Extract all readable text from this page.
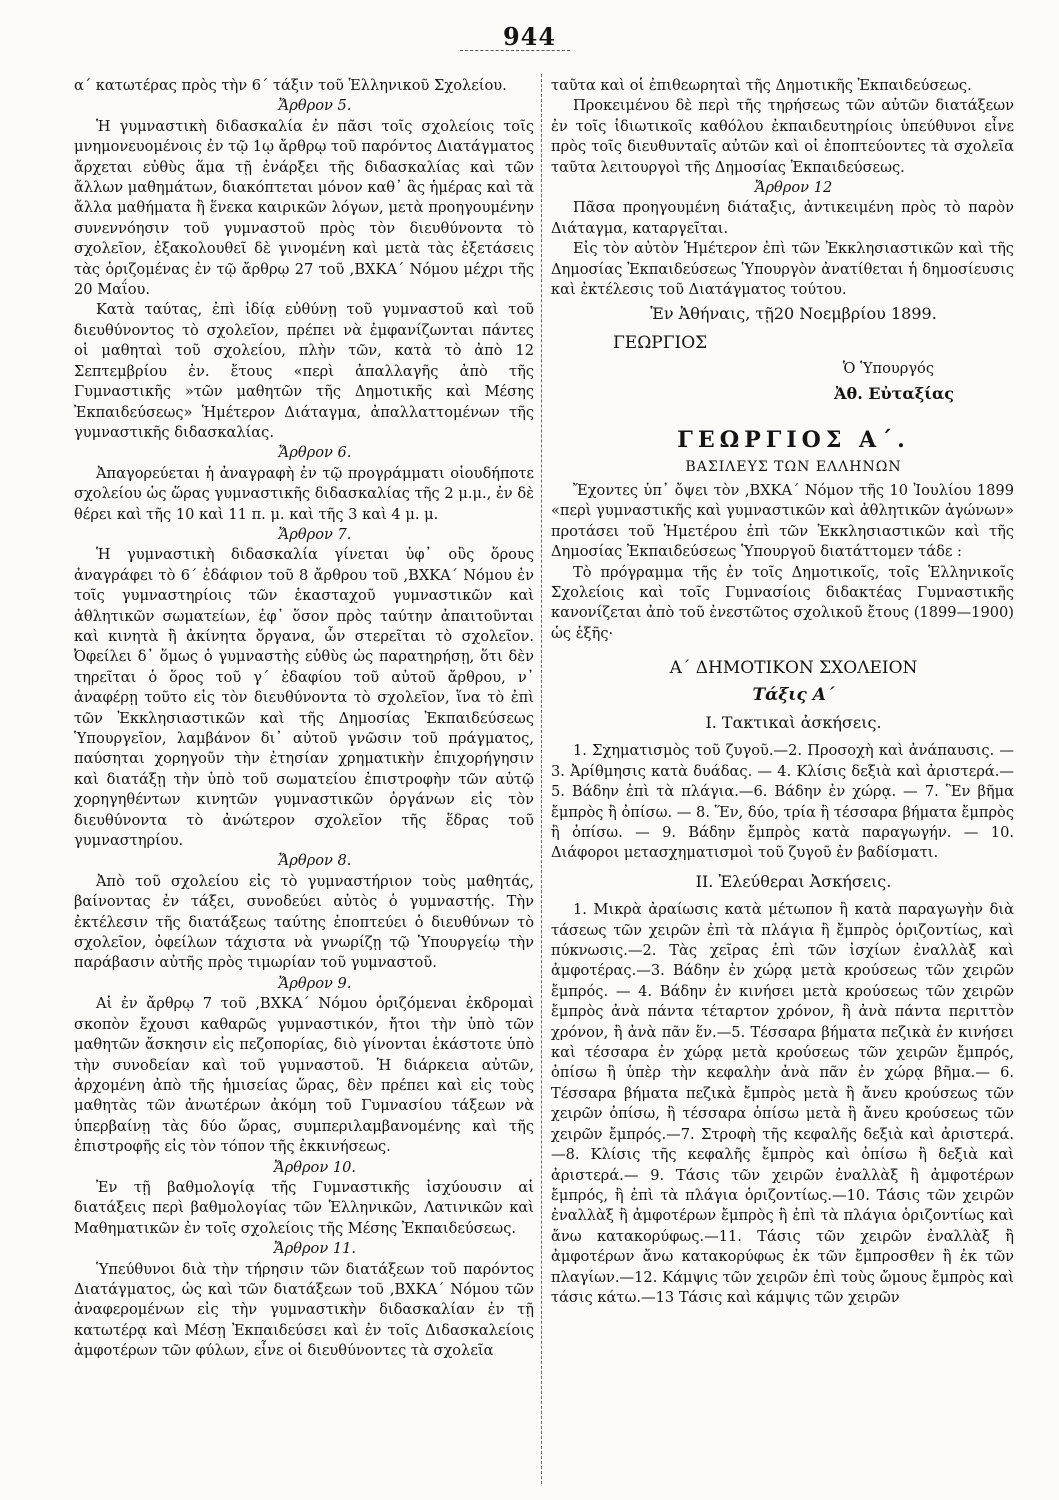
944

α΄ κατωτέρας πρὸς τὴν 6΄ τάξιν τοῦ Ἑλληνικοῦ Σχολείου.

Ἄρθρον 5.

Ἡ γυμναστικὴ διδασκαλία ἐν πᾶσι τοῖς σχολείοις τοῖς μνημονευομένοις ἐν τῷ 1ῳ ἄρθρῳ τοῦ παρόντος Διατάγματος ἄρχεται εὐθὺς ἅμα τῇ ἐνάρξει τῆς διδασκαλίας καὶ τῶν ἄλλων μαθημάτων, διακόπτεται μόνον καθ᾿ ἃς ἡμέρας καὶ τὰ ἄλλα μαθήματα ἢ ἕνεκα καιρικῶν λόγων, μετὰ προηγουμένην συνεννόησιν τοῦ γυμναστοῦ πρὸς τὸν διευθύνοντα τὸ σχολεῖον, ἐξακολουθεῖ δὲ γινομένη καὶ μετὰ τὰς ἐξετάσεις τὰς ὁριζομένας ἐν τῷ ἄρθρῳ 27 τοῦ ,ΒΧΚΑ΄ Νόμου μέχρι τῆς 20 Μαΐου.

Κατὰ ταύτας, ἐπὶ ἰδίᾳ εὐθύνῃ τοῦ γυμναστοῦ καὶ τοῦ διευθύνοντος τὸ σχολεῖον, πρέπει νὰ ἐμφανίζωνται πάντες οἱ μαθηταὶ τοῦ σχολείου, πλὴν τῶν, κατὰ τὸ ἀπὸ 12 Σεπτεμβρίου ἐν. ἔτους «περὶ ἀπαλλαγῆς ἀπὸ τῆς Γυμναστικῆς »τῶν μαθητῶν τῆς Δημοτικῆς καὶ Μέσης Ἐκπαιδεύσεως» Ἡμέτερον Διάταγμα, ἀπαλλαττομένων τῆς γυμναστικῆς διδασκαλίας.

Ἄρθρον 6.

Ἀπαγορεύεται ἡ ἀναγραφὴ ἐν τῷ προγράμματι οἱουδήποτε σχολείου ὡς ὥρας γυμναστικῆς διδασκαλίας τῆς 2 μ.μ., ἐν δὲ θέρει καὶ τῆς 10 καὶ 11 π. μ. καὶ τῆς 3 καὶ 4 μ. μ.

Ἄρθρον 7.

Ἡ γυμναστικὴ διδασκαλία γίνεται ὑφ᾿ οὓς ὅρους ἀναγράφει τὸ 6΄ ἐδάφιον τοῦ 8 ἄρθρου τοῦ ,ΒΧΚΑ΄ Νόμου ἐν τοῖς γυμναστηρίοις τῶν ἑκασταχοῦ γυμναστικῶν καὶ ἀθλητικῶν σωματείων, ἐφ᾿ ὅσον πρὸς ταύτην ἀπαιτοῦνται καὶ κινητὰ ἢ ἀκίνητα ὄργανα, ὧν στερεῖται τὸ σχολεῖον. Ὀφείλει δ᾿ ὅμως ὁ γυμναστὴς εὐθὺς ὡς παρατηρήσῃ, ὅτι δὲν τηρεῖται ὁ ὅρος τοῦ γ΄ ἐδαφίου τοῦ αὐτοῦ ἄρθρου, ν᾿ ἀναφέρῃ τοῦτο εἰς τὸν διευθύνοντα τὸ σχολεῖον, ἵνα τὸ ἐπὶ τῶν Ἐκκλησιαστικῶν καὶ τῆς Δημοσίας Ἐκπαιδεύσεως Ὑπουργεῖον, λαμβάνον δι᾿ αὐτοῦ γνῶσιν τοῦ πράγματος, παύσηται χορηγοῦν τὴν ἐτησίαν χρηματικὴν ἐπιχορήγησιν καὶ διατάξῃ τὴν ὑπὸ τοῦ σωματείου ἐπιστροφὴν τῶν αὐτῷ χορηγηθέντων κινητῶν γυμναστικῶν ὀργάνων εἰς τὸν διευθύνοντα τὸ ἀνώτερον σχολεῖον τῆς ἕδρας τοῦ γυμναστηρίου.

Ἄρθρον 8.

Ἀπὸ τοῦ σχολείου εἰς τὸ γυμναστήριον τοὺς μαθητάς, βαίνοντας ἐν τάξει, συνοδεύει αὐτὸς ὁ γυμναστής. Τὴν ἐκτέλεσιν τῆς διατάξεως ταύτης ἐποπτεύει ὁ διευθύνων τὸ σχολεῖον, ὀφείλων τάχιστα νὰ γνωρίζῃ τῷ Ὑπουργείῳ τὴν παράβασιν αὐτῆς πρὸς τιμωρίαν τοῦ γυμναστοῦ.

Ἄρθρον 9.

Αἱ ἐν ἄρθρῳ 7 τοῦ ,ΒΧΚΑ΄ Νόμου ὁριζόμεναι ἐκδρομαὶ σκοπὸν ἔχουσι καθαρῶς γυμναστικόν, ἤτοι τὴν ὑπὸ τῶν μαθητῶν ἄσκησιν εἰς πεζοπορίας, διὸ γίνονται ἑκάστοτε ὑπὸ τὴν συνοδείαν καὶ τοῦ γυμναστοῦ. Ἡ διάρκεια αὐτῶν, ἀρχομένη ἀπὸ τῆς ἡμισείας ὥρας, δὲν πρέπει καὶ εἰς τοὺς μαθητὰς τῶν ἀνωτέρων ἀκόμη τοῦ Γυμνασίου τάξεων νὰ ὑπερβαίνῃ τὰς δύο ὥρας, συμπεριλαμβανομένης καὶ τῆς ἐπιστροφῆς εἰς τὸν τόπον τῆς ἐκκινήσεως.

Ἄρθρον 10.

Ἐν τῇ βαθμολογίᾳ τῆς Γυμναστικῆς ἰσχύουσιν αἱ διατάξεις περὶ βαθμολογίας τῶν Ἑλληνικῶν, Λατινικῶν καὶ Μαθηματικῶν ἐν τοῖς σχολείοις τῆς Μέσης Ἐκπαιδεύσεως.

Ἄρθρον 11.

Ὑπεύθυνοι διὰ τὴν τήρησιν τῶν διατάξεων τοῦ παρόντος Διατάγματος, ὡς καὶ τῶν διατάξεων τοῦ ,ΒΧΚΑ΄ Νόμου τῶν ἀναφερομένων εἰς τὴν γυμναστικὴν διδασκαλίαν ἐν τῇ κατωτέρᾳ καὶ Μέσῃ Ἐκπαιδεύσει καὶ ἐν τοῖς Διδασκαλείοις ἀμφοτέρων τῶν φύλων, εἶνε οἱ διευθύνοντες τὰ σχολεῖα

ταῦτα καὶ οἱ ἐπιθεωρηταὶ τῆς Δημοτικῆς Ἐκπαιδεύσεως.

Προκειμένου δὲ περὶ τῆς τηρήσεως τῶν αὐτῶν διατάξεων ἐν τοῖς ἰδιωτικοῖς καθόλου ἐκπαιδευτηρίοις ὑπεύθυνοι εἶνε πρὸς τοῖς διευθυνταῖς αὐτῶν καὶ οἱ ἐποπτεύοντες τὰ σχολεῖα ταῦτα λειτουργοὶ τῆς Δημοσίας Ἐκπαιδεύσεως.

Ἄρθρον 12

Πᾶσα προηγουμένη διάταξις, ἀντικειμένη πρὸς τὸ παρὸν Διάταγμα, καταργεῖται.

Εἰς τὸν αὐτὸν Ἡμέτερον ἐπὶ τῶν Ἐκκλησιαστικῶν καὶ τῆς Δημοσίας Ἐκπαιδεύσεως Ὑπουργὸν ἀνατίθεται ἡ δημοσίευσις καὶ ἐκτέλεσις τοῦ Διατάγματος τούτου.

Ἐν Ἀθήναις, τῇ20 Νοεμβρίου 1899.

ΓΕΩΡΓΙΟΣ

Ὁ Ὑπουργός

Ἀθ. Εὐταξίας

ΓΕΩΡΓΙΟΣ Α΄.

ΒΑΣΙΛΕΥΣ ΤΩΝ ΕΛΛΗΝΩΝ

Ἔχοντες ὑπ᾿ ὄψει τὸν ,ΒΧΚΑ΄ Νόμον τῆς 10 Ἰουλίου 1899 «περὶ γυμναστικῆς καὶ γυμναστικῶν καὶ ἀθλητικῶν ἀγώνων» προτάσει τοῦ Ἡμετέρου ἐπὶ τῶν Ἐκκλησιαστικῶν καὶ τῆς Δημοσίας Ἐκπαιδεύσεως Ὑπουργοῦ διατάττομεν τάδε :

Τὸ πρόγραμμα τῆς ἐν τοῖς Δημοτικοῖς, τοῖς Ἑλληνικοῖς Σχολείοις καὶ τοῖς Γυμνασίοις διδακτέας Γυμναστικῆς κανονίζεται ἀπὸ τοῦ ἐνεστῶτος σχολικοῦ ἔτους (1899—1900) ὡς ἑξῆς·

Α΄ ΔΗΜΟΤΙΚΟΝ ΣΧΟΛΕΙΟΝ

Τάξις Α΄

Ι. Τακτικαὶ ἀσκήσεις.

1. Σχηματισμὸς τοῦ ζυγοῦ.—2. Προσοχὴ καὶ ἀνάπαυσις. — 3. Ἀρίθμησις κατὰ δυάδας. — 4. Κλίσις δεξιὰ καὶ ἀριστερά.—5. Βάδην ἐπὶ τὰ πλάγια.—6. Βάδην ἐν χώρᾳ. — 7. Ἓν βῆμα ἔμπρὸς ἢ ὀπίσω. — 8. Ἕν, δύο, τρία ἢ τέσσαρα βήματα ἔμπρὸς ἢ ὀπίσω. — 9. Βάδην ἔμπρὸς κατὰ παραγωγήν. — 10. Διάφοροι μετασχηματισμοὶ τοῦ ζυγοῦ ἐν βαδίσματι.

ΙΙ. Ἐλεύθεραι Ἀσκήσεις.

1. Μικρὰ ἀραίωσις κατὰ μέτωπον ἢ κατὰ παραγωγὴν διὰ τάσεως τῶν χειρῶν ἐπὶ τὰ πλάγια ἢ ἔμπρὸς ὁριζοντίως, καὶ πύκνωσις.—2. Τὰς χεῖρας ἐπὶ τῶν ἰσχίων ἐναλλὰξ καὶ ἀμφοτέρας.—3. Βάδην ἐν χώρᾳ μετὰ κρούσεως τῶν χειρῶν ἔμπρός. — 4. Βάδην ἐν κινήσει μετὰ κρούσεως τῶν χειρῶν ἔμπρὸς ἀνὰ πάντα τέταρτον χρόνον, ἢ ἀνὰ πάντα περιττὸν χρόνον, ἢ ἀνὰ πᾶν ἕν.—5. Τέσσαρα βήματα πεζικὰ ἐν κινήσει καὶ τέσσαρα ἐν χώρᾳ μετὰ κρούσεως τῶν χειρῶν ἔμπρός, ὀπίσω ἢ ὑπὲρ τὴν κεφαλὴν ἀνὰ πᾶν ἐν χώρᾳ βῆμα.— 6. Τέσσαρα βήματα πεζικὰ ἔμπρὸς μετὰ ἢ ἄνευ κρούσεως τῶν χειρῶν ὀπίσω, ἢ τέσσαρα ὀπίσω μετὰ ἢ ἄνευ κρούσεως τῶν χειρῶν ἔμπρός.—7. Στροφὴ τῆς κεφαλῆς δεξιὰ καὶ ἀριστερά.—8. Κλίσις τῆς κεφαλῆς ἔμπρὸς καὶ ὀπίσω ἢ δεξιὰ καὶ ἀριστερά.— 9. Τάσις τῶν χειρῶν ἐναλλὰξ ἢ ἀμφοτέρων ἔμπρός, ἢ ἐπὶ τὰ πλάγια ὁριζοντίως.—10. Τάσις τῶν χειρῶν ἐναλλὰξ ἢ ἀμφοτέρων ἔμπρὸς ἢ ἐπὶ τὰ πλάγια ὁριζοντίως καὶ ἄνω κατακορύφως.—11. Τάσις τῶν χειρῶν ἐναλλὰξ ἢ ἀμφοτέρων ἄνω κατακορύφως ἐκ τῶν ἔμπροσθεν ἢ ἐκ τῶν πλαγίων.—12. Κάμψις τῶν χειρῶν ἐπὶ τοὺς ὤμους ἔμπρὸς καὶ τάσις κάτω.—13 Τάσις καὶ κάμψις τῶν χειρῶν
